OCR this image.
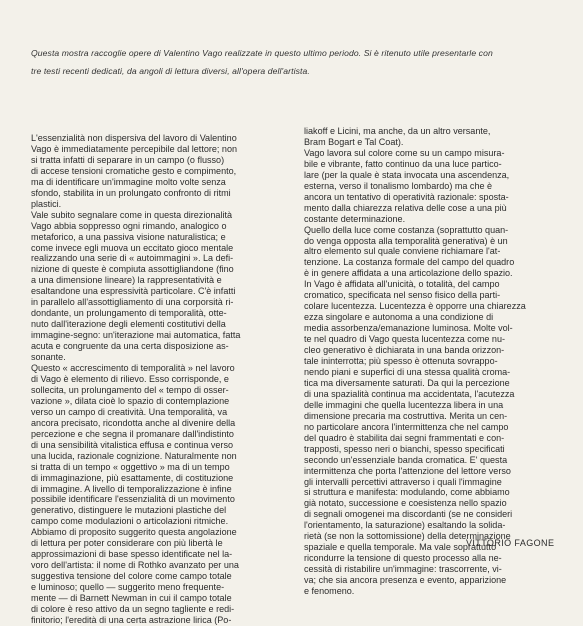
Questa mostra raccoglie opere di Valentino Vago realizzate in questo ultimo periodo. Si è ritenuto utile presentarle con

tre testi recenti dedicati, da angoli di lettura diversi, all'opera dell'artista.

L'essenzialità non dispersiva del lavoro di Valentino

Vago è immediatamente percepibile dal lettore; non

si tratta infatti di separare in un campo (o flusso)

di accese tensioni cromatiche gesto e compimento,

ma di identificare un'immagine molto volte senza

sfondo, stabilita in un prolungato confronto di ritmi

plastici.

Vale subito segnalare come in questa direzionalità

Vago abbia soppresso ogni rimando, analogico o

metaforico, a una passiva visione naturalistica; e

come invece egli muova un eccitato gioco mentale

realizzando una serie di « autoimmagini ». La defi-

nizione di queste è compiuta assottigliandone (fino

a una dimensione lineare) la rappresentatività e

esaltandone una espressività particolare. C'è infatti

in parallelo all'assottigliamento di una corporsità ri-

dondante, un prolungamento di temporalità, otte-

nuto dall'iterazione degli elementi costitutivi della

immagine-segno: un'iterazione mai automatica, fatta

acuta e congruente da una certa disposizione as-

sonante.

Questo « accrescimento di temporalità » nel lavoro

di Vago è elemento di rilievo. Esso corrisponde, e

sollecita, un prolungamento del « tempo di osser-

vazione », dilata cioè lo spazio di contemplazione

verso un campo di creatività. Una temporalità, va

ancora precisato, ricondotta anche al divenire della

percezione e che segna il promanare dall'indistinto

di una sensibilità vitalistica effusa e continua verso

una lucida, razionale cognizione. Naturalmente non

si tratta di un tempo « oggettivo » ma di un tempo

di immaginazione, più esattamente, di costituzione

di immagine. A livello di temporalizzazione è infine

possibile identificare l'essenzialità di un movimento

generativo, distinguere le mutazioni plastiche del

campo come modulazioni o articolazioni ritmiche.

Abbiamo di proposito suggerito questa angolazione

di lettura per poter considerare con più libertà le

approssimazioni di base spesso identificate nel la-

voro dell'artista: il nome di Rothko avanzato per una

suggestiva tensione del colore come campo totale

e luminoso; quello — suggerito meno frequente-

mente — di Barnett Newman in cui il campo totale

di colore è reso attivo da un segno tagliente e redi-

finitorio; l'eredità di una certa astrazione lirica (Po-

liakoff e Licini, ma anche, da un altro versante,

Bram Bogart e Tal Coat).

Vago lavora sul colore come su un campo misura-

bile e vibrante, fatto continuo da una luce partico-

lare (per la quale è stata invocata una ascendenza,

esterna, verso il tonalismo lombardo) ma che è

ancora un tentativo di operatività razionale: sposta-

mento dalla chiarezza relativa delle cose a una più

costante determinazione.

Quello della luce come costanza (soprattutto quan-

do venga opposta alla temporalità generativa) è un

altro elemento sul quale conviene richiamare l'at-

tenzione. La costanza formale del campo del quadro

è in genere affidata a una articolazione dello spazio.

In Vago è affidata all'unicità, o totalità, del campo

cromatico, specificata nel senso fisico della parti-

colare lucentezza. Lucentezza è opporre una chiarezza

ezza singolare e autonoma a una condizione di

media assorbenza/emanazione luminosa. Molte vol-

te nel quadro di Vago questa lucentezza come nu-

cleo generativo è dichiarata in una banda orizzon-

tale ininterrotta; più spesso è ottenuta sovrappo-

nendo piani e superfici di una stessa qualità croma-

tica ma diversamente saturati. Da qui la percezione

di una spazialità continua ma accidentata, l'acutezza

delle immagini che quella lucentezza libera in una

dimensione precaria ma costruttiva. Merita un cen-

no particolare ancora l'intermittenza che nel campo

del quadro è stabilita dai segni frammentati e con-

trapposti, spesso neri o bianchi, spesso specificati

secondo un'essenziale banda cromatica. E' questa

intermittenza che porta l'attenzione del lettore verso

gli intervalli percettivi attraverso i quali l'immagine

si struttura e manifesta: modulando, come abbiamo

già notato, successione e coesistenza nello spazio

di segnali omogenei ma discordanti (se ne consideri

l'orientamento, la saturazione) esaltando la solida-

rietà (se non la sottomissione) della determinazione

spaziale e quella temporale. Ma vale soprattutto

ricondurre la tensione di questo processo alla ne-

cessità di ristabilire un'immagine: trascorrente, vi-

va; che sia ancora presenza e evento, apparizione

e fenomeno.

VITTORIO FAGONE
